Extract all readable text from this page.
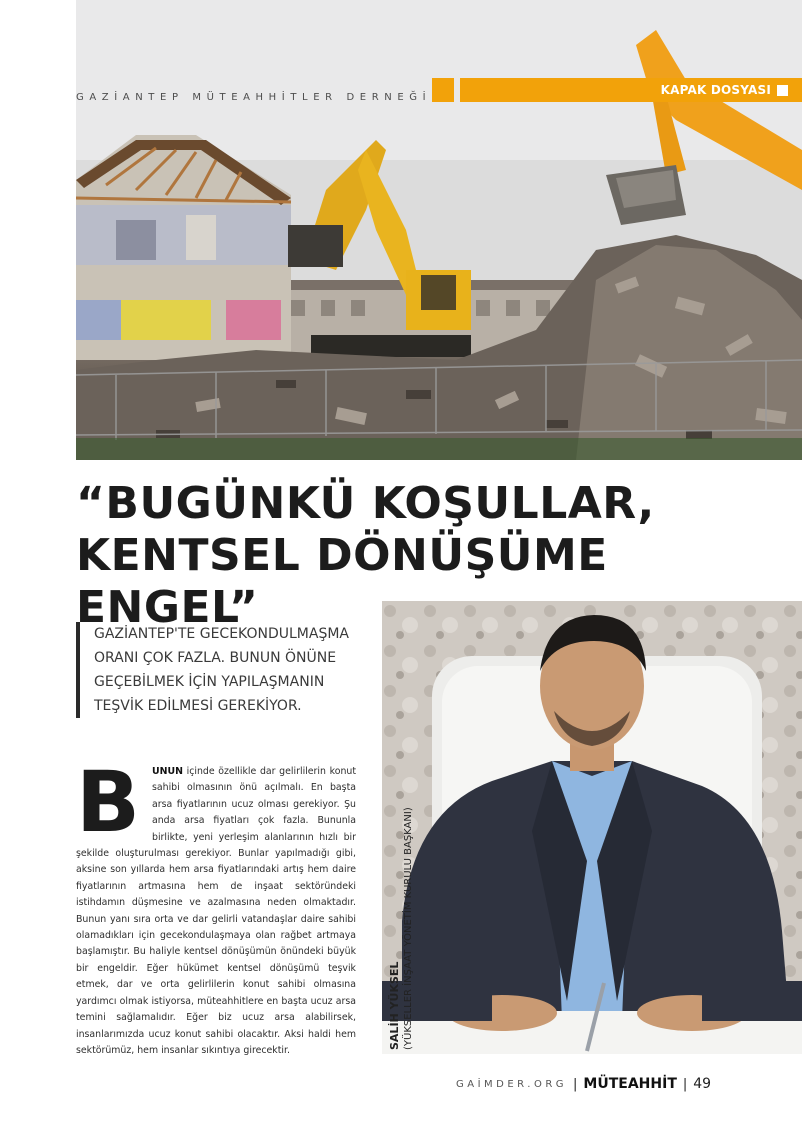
GAZİANTEP MÜTEAHHİTLER DERNEĞİ
KAPAK DOSYASI
“BUGÜNKÜ KOŞULLAR,
KENTSEL DÖNÜŞÜME ENGEL”
GAZİANTEP'TE GECEKONDULMAŞMA
ORANI ÇOK FAZLA. BUNUN ÖNÜNE
GEÇEBİLMEK İÇİN YAPILAŞMANIN
TEŞVİK EDİLMESİ GEREKİYOR.
B	UNUN içinde özellikle dar gelirlilerin konut sahibi olmasının önü açılmalı. En başta arsa fiyatlarının ucuz olması gerekiyor. Şu anda arsa fiyatları çok fazla. Bununla birlikte, yeni yerleşim alanlarının hızlı bir şekilde oluşturulması gerekiyor. Bunlar yapılmadığı gibi, aksine son yıllarda hem arsa fiyatlarındaki artış hem daire fiyatlarının artmasına hem de inşaat sektöründeki istihdamın düşmesine ve azalmasına neden olmaktadır. Bunun yanı sıra orta ve dar gelirli vatandaşlar daire sahibi olamadıkları için gecekondulaşmaya olan rağbet artmaya başlamıştır. Bu haliyle kentsel dönüşümün önündeki büyük bir engeldir. Eğer hükümet kentsel dönüşümü teşvik etmek, dar ve orta gelirlilerin konut sahibi olmasına yardımcı olmak istiyorsa, müteahhitlere en başta ucuz arsa temini sağlamalıdır. Eğer biz ucuz arsa alabilirsek, insanlarımızda ucuz konut sahibi olacaktır. Aksi haldi hem sektörümüz, hem insanlar sıkıntıya girecektir.
SALİH YÜKSEL (YÜKSELLER İNŞAAT YÖNETİM KURULU BAŞKANI)
GAİMDER.ORG | MÜTEAHHİT | 49
